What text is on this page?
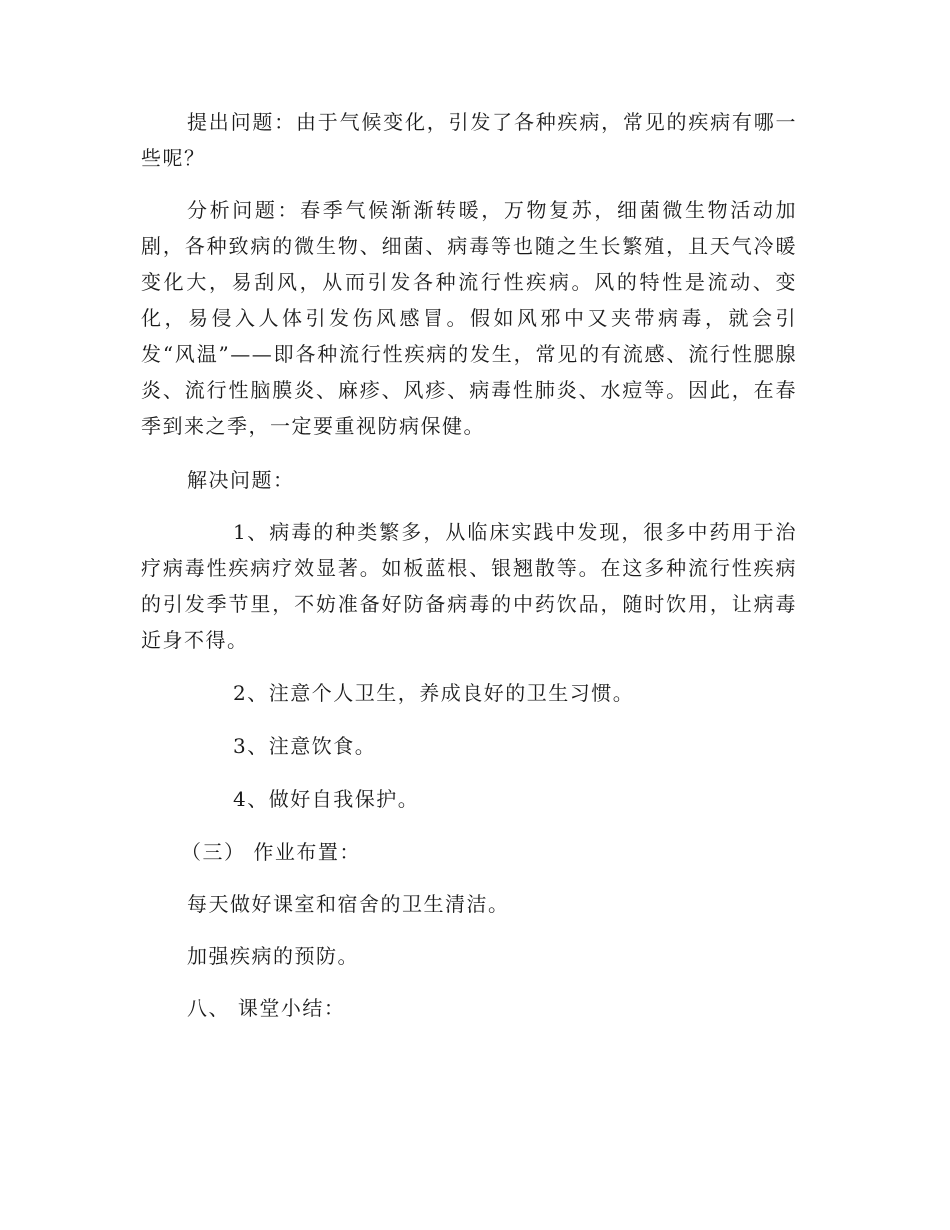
提出问题：由于气候变化，引发了各种疾病，常见的疾病有哪一些呢？

分析问题：春季气候渐渐转暖，万物复苏，细菌微生物活动加剧，各种致病的微生物、细菌、病毒等也随之生长繁殖，且天气冷暖变化大，易刮风，从而引发各种流行性疾病。风的特性是流动、变化，易侵入人体引发伤风感冒。假如风邪中又夹带病毒，就会引发“风温”——即各种流行性疾病的发生，常见的有流感、流行性腮腺炎、流行性脑膜炎、麻疹、风疹、病毒性肺炎、水痘等。因此，在春季到来之季，一定要重视防病保健。

解决问题：

1、病毒的种类繁多，从临床实践中发现，很多中药用于治疗病毒性疾病疗效显著。如板蓝根、银翘散等。在这多种流行性疾病的引发季节里，不妨准备好防备病毒的中药饮品，随时饮用，让病毒近身不得。

2、注意个人卫生，养成良好的卫生习惯。

3、注意饮食。

4、做好自我保护。

（三） 作业布置：

每天做好课室和宿舍的卫生清洁。

加强疾病的预防。

八、 课堂小结：
